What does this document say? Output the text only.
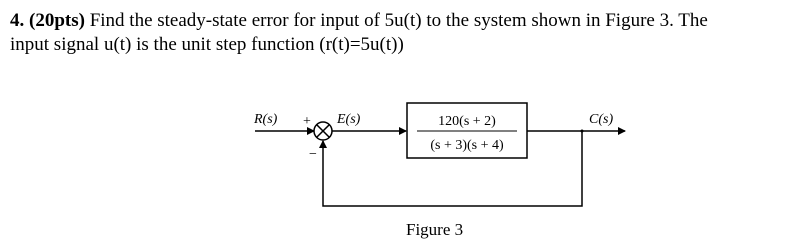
4. (20pts) Find the steady-state error for input of 5u(t) to the system shown in Figure 3. The
input signal u(t) is the unit step function (r(t)=5u(t))
R(s) +
−
E(s)	120(s + 2)
(s + 3)(s + 4)
C(s)
Figure 3
